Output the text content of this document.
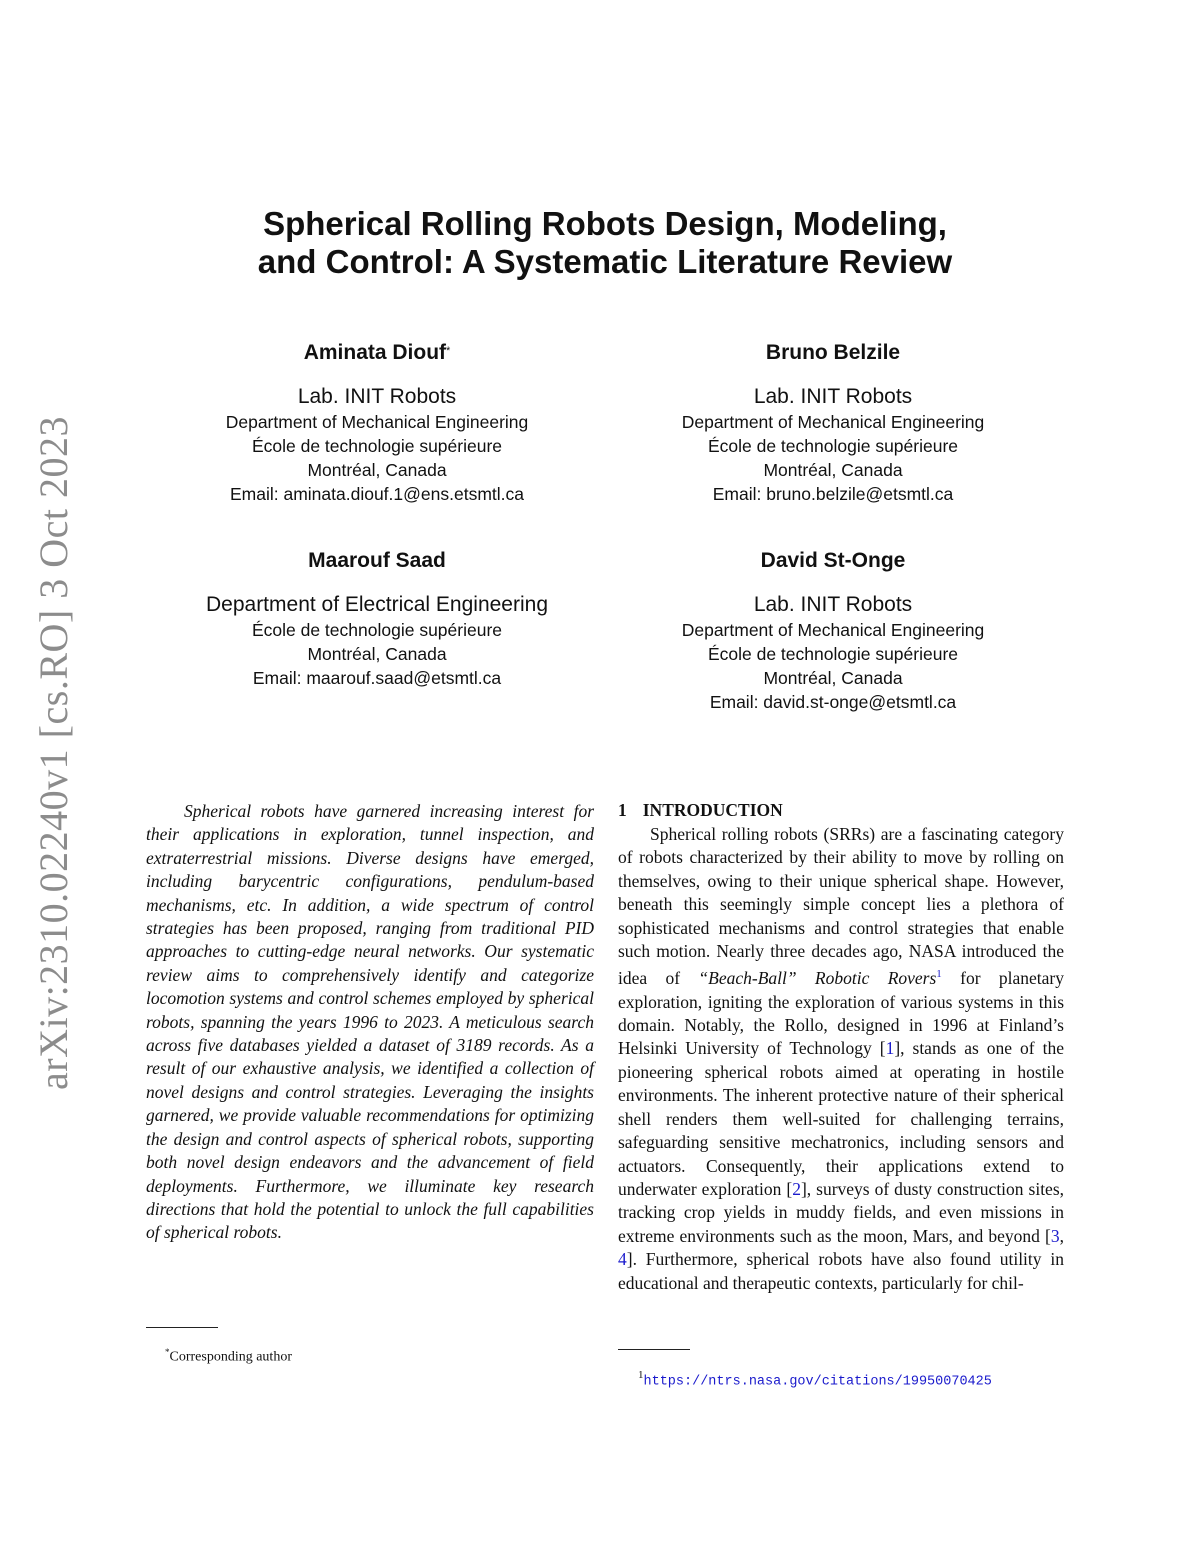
arXiv:2310.02240v1 [cs.RO] 3 Oct 2023
Spherical Rolling Robots Design, Modeling,
and Control: A Systematic Literature Review
Aminata Diouf*
Lab. INIT Robots
Department of Mechanical Engineering
École de technologie supérieure
Montréal, Canada
Email: aminata.diouf.1@ens.etsmtl.ca
Bruno Belzile
Lab. INIT Robots
Department of Mechanical Engineering
École de technologie supérieure
Montréal, Canada
Email: bruno.belzile@etsmtl.ca
Maarouf Saad
Department of Electrical Engineering
École de technologie supérieure
Montréal, Canada
Email: maarouf.saad@etsmtl.ca
David St-Onge
Lab. INIT Robots
Department of Mechanical Engineering
École de technologie supérieure
Montréal, Canada
Email: david.st-onge@etsmtl.ca
Spherical robots have garnered increasing interest for their applications in exploration, tunnel inspection, and extraterrestrial missions. Diverse designs have emerged, including barycentric configurations, pendulum-based mechanisms, etc. In addition, a wide spectrum of control strategies has been proposed, ranging from traditional PID approaches to cutting-edge neural networks. Our systematic review aims to comprehensively identify and categorize locomotion systems and control schemes employed by spherical robots, spanning the years 1996 to 2023. A meticulous search across five databases yielded a dataset of 3189 records. As a result of our exhaustive analysis, we identified a collection of novel designs and control strategies. Leveraging the insights garnered, we provide valuable recommendations for optimizing the design and control aspects of spherical robots, supporting both novel design endeavors and the advancement of field deployments. Furthermore, we illuminate key research directions that hold the potential to unlock the full capabilities of spherical robots.
*Corresponding author
1 INTRODUCTION
Spherical rolling robots (SRRs) are a fascinating category of robots characterized by their ability to move by rolling on themselves, owing to their unique spherical shape. However, beneath this seemingly simple concept lies a plethora of sophisticated mechanisms and control strategies that enable such motion. Nearly three decades ago, NASA introduced the idea of “Beach-Ball” Robotic Rovers$^1$ for planetary exploration, igniting the exploration of various systems in this domain. Notably, the Rollo, designed in 1996 at Finland’s Helsinki University of Technology [1], stands as one of the pioneering spherical robots aimed at operating in hostile environments. The inherent protective nature of their spherical shell renders them well-suited for challenging terrains, safeguarding sensitive mechatronics, including sensors and actuators. Consequently, their applications extend to underwater exploration [2], surveys of dusty construction sites, tracking crop yields in muddy fields, and even missions in extreme environments such as the moon, Mars, and beyond [3, 4]. Furthermore, spherical robots have also found utility in educational and therapeutic contexts, particularly for chil-
$^1$https://ntrs.nasa.gov/citations/19950070425
